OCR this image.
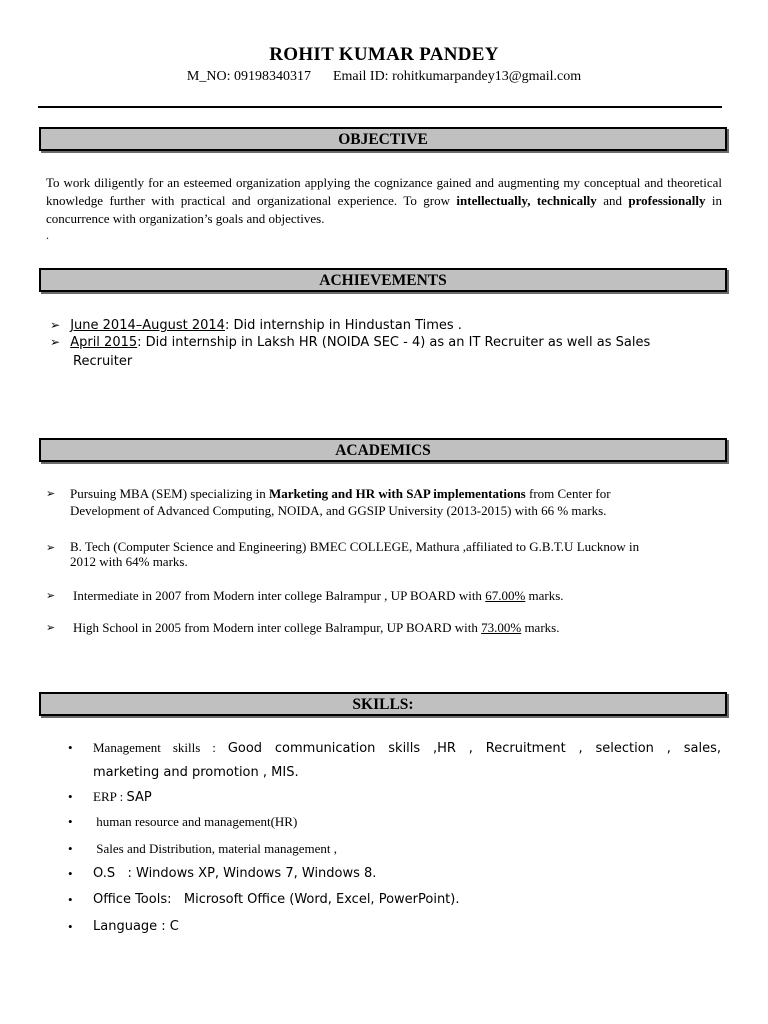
ROHIT KUMAR PANDEY
M_NO: 09198340317 Email ID: rohitkumarpandey13@gmail.com
OBJECTIVE
To work diligently for an esteemed organization applying the cognizance gained and augmenting my conceptual and theoretical knowledge further with practical and organizational experience. To grow intellectually, technically and professionally in concurrence with organization’s goals and objectives.
.
ACHIEVEMENTS
➢ June 2014–August 2014: Did internship in Hindustan Times .
➢ April 2015: Did internship in Laksh HR (NOIDA SEC - 4) as an IT Recruiter as well as Sales
Recruiter
ACADEMICS
➢ Pursuing MBA (SEM) specializing in Marketing and HR with SAP implementations from Center for
Development of Advanced Computing, NOIDA, and GGSIP University (2013-2015) with 66 % marks.
➢ B. Tech (Computer Science and Engineering) BMEC COLLEGE, Mathura ,affiliated to G.B.T.U Lucknow in
2012 with 64% marks.
➢ Intermediate in 2007 from Modern inter college Balrampur , UP BOARD with 67.00% marks.
➢ High School in 2005 from Modern inter college Balrampur, UP BOARD with 73.00% marks.
SKILLS:
• Management skills : Good communication skills ,HR , Recruitment , selection , sales,
marketing and promotion , MIS.
• ERP : SAP
• human resource and management(HR)
• Sales and Distribution, material management ,
• O.S   : Windows XP, Windows 7, Windows 8.
• Office Tools:   Microsoft Office (Word, Excel, PowerPoint).
• Language : C
